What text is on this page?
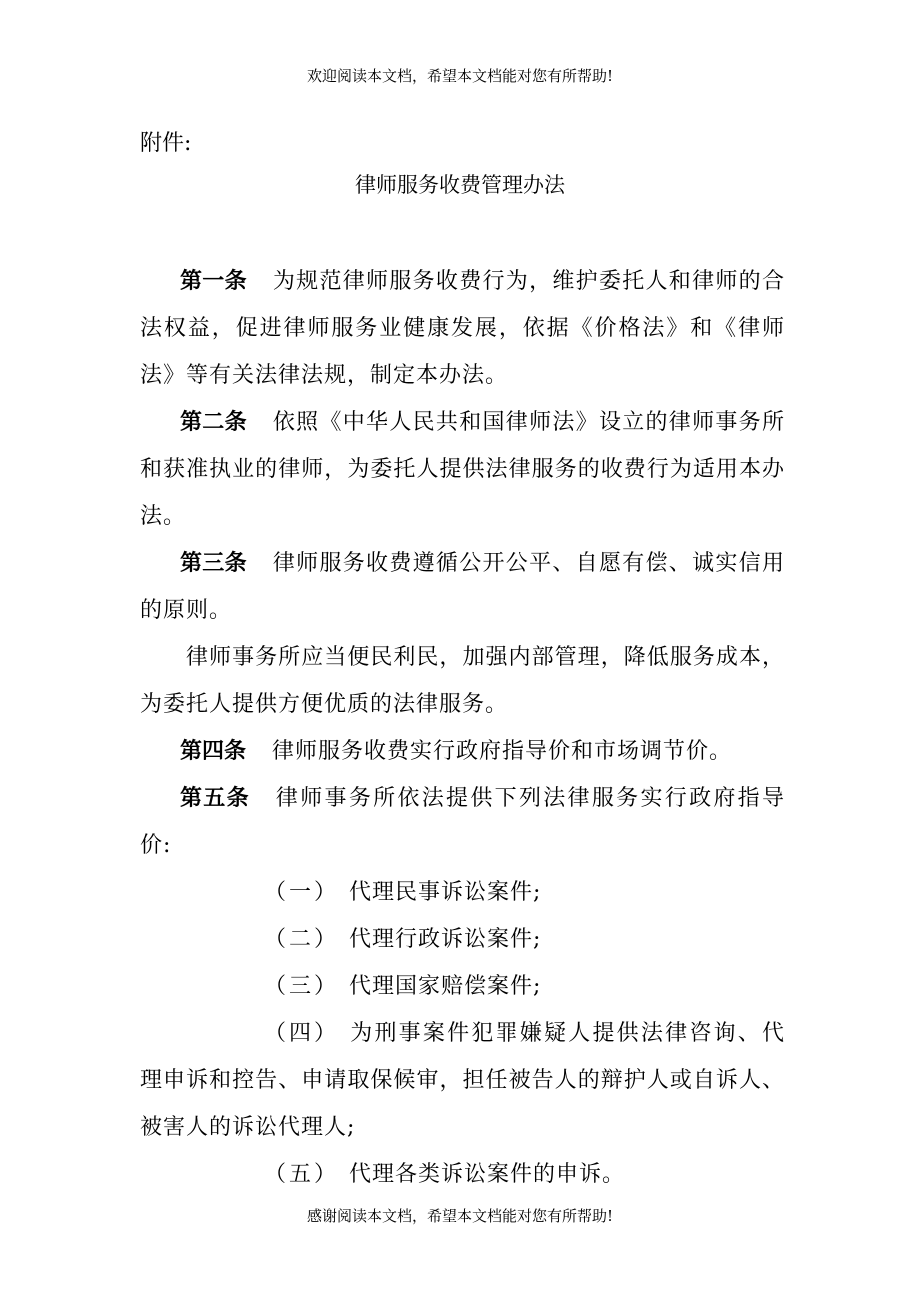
欢迎阅读本文档，希望本文档能对您有所帮助!
附件:
律师服务收费管理办法

第一条 为规范律师服务收费行为，维护委托人和律师的合法权益，促进律师服务业健康发展，依据《价格法》和《律师法》等有关法律法规，制定本办法。

第二条 依照《中华人民共和国律师法》设立的律师事务所和获准执业的律师，为委托人提供法律服务的收费行为适用本办法。

第三条 律师服务收费遵循公开公平、自愿有偿、诚实信用的原则。

律师事务所应当便民利民，加强内部管理，降低服务成本，为委托人提供方便优质的法律服务。

第四条 律师服务收费实行政府指导价和市场调节价。

第五条 律师事务所依法提供下列法律服务实行政府指导价:

（一） 代理民事诉讼案件;

（二） 代理行政诉讼案件;

（三） 代理国家赔偿案件;

（四） 为刑事案件犯罪嫌疑人提供法律咨询、代理申诉和控告、申请取保候审，担任被告人的辩护人或自诉人、被害人的诉讼代理人;

（五） 代理各类诉讼案件的申诉。

感谢阅读本文档，希望本文档能对您有所帮助!
